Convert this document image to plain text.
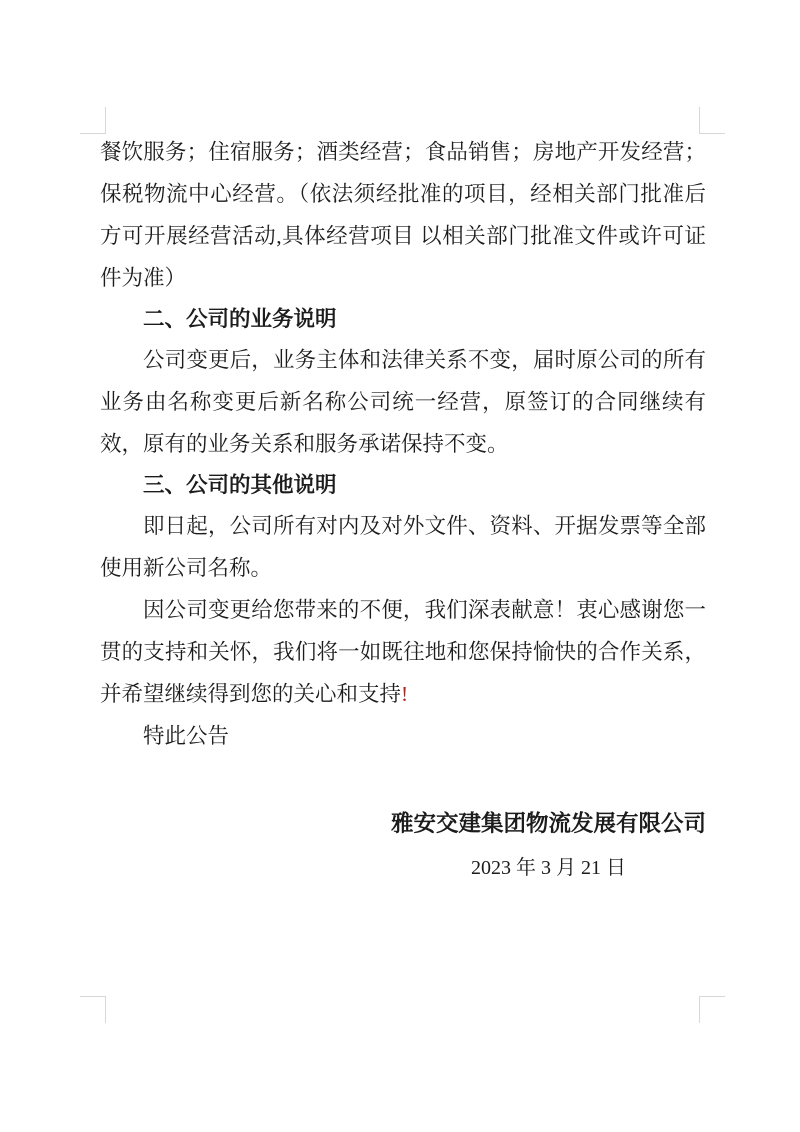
餐饮服务；住宿服务；酒类经营；食品销售；房地产开发经营；保税物流中心经营。（依法须经批准的项目，经相关部门批准后方可开展经营活动,具体经营项目 以相关部门批准文件或许可证件为准）

二、公司的业务说明

公司变更后，业务主体和法律关系不变，届时原公司的所有业务由名称变更后新名称公司统一经营，原签订的合同继续有效，原有的业务关系和服务承诺保持不变。

三、公司的其他说明

即日起，公司所有对内及对外文件、资料、开据发票等全部使用新公司名称。

因公司变更给您带来的不便，我们深表献意！衷心感谢您一贯的支持和关怀，我们将一如既往地和您保持愉快的合作关系，并希望继续得到您的关心和支持!

特此公告

雅安交建集团物流发展有限公司
2023 年 3 月 21 日
